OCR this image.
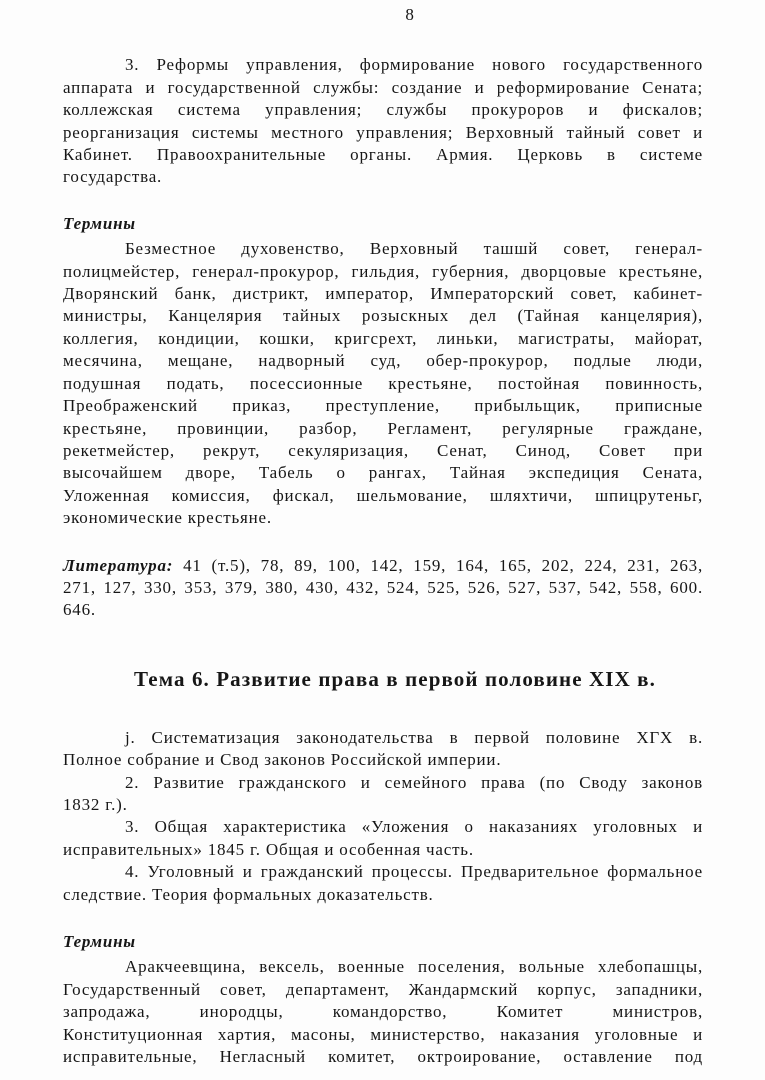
8
3. Реформы управления, формирование нового государственного
аппарата и государственной службы: создание и реформирование Сената;
коллежская система управления; службы прокуроров и фискалов;
реорганизация системы местного управления; Верховный тайный совет и
Кабинет. Правоохранительные органы. Армия. Церковь в системе
государства.
Термины
Безместное духовенство, Верховный ташшй совет, генерал-
полицмейстер, генерал-прокурор, гильдия, губерния, дворцовые крестьяне,
Дворянский банк, дистрикт, император, Императорский совет, кабинет-
министры, Канцелярия тайных розыскных дел (Тайная канцелярия),
коллегия, кондиции, кошки, кригсрехт, линьки, магистраты, майорат,
месячина, мещане, надворный суд, обер-прокурор, подлые люди,
подушная подать, посессионные крестьяне, постойная повинность,
Преображенский приказ, преступление, прибыльщик, приписные
крестьяне, провинции, разбор, Регламент, регулярные граждане,
рекетмейстер, рекрут, секуляризация, Сенат, Синод, Совет при
высочайшем дворе, Табель о рангах, Тайная экспедиция Сената,
Уложенная комиссия, фискал, шельмование, шляхтичи, шпицрутеньг,
экономические крестьяне.
Литература: 41 (т.5), 78, 89, 100, 142, 159, 164, 165, 202, 224, 231, 263,
271, 127, 330, 353, 379, 380, 430, 432, 524, 525, 526, 527, 537, 542, 558, 600.
646.
Тема 6. Развитие права в первой половине XIX в.
j. Систематизация законодательства в первой половине ХГХ в.
Полное собрание и Свод законов Российской империи.
2. Развитие гражданского и семейного права (по Своду законов
1832 г.).
3. Общая характеристика «Уложения о наказаниях уголовных и
исправительных» 1845 г. Общая и особенная часть.
4. Уголовный и гражданский процессы. Предварительное формальное
следствие. Теория формальных доказательств.
Термины
Аракчеевщина, вексель, военные поселения, вольные хлебопашцы,
Государственный совет, департамент, Жандармский корпус, западники,
запродажа, инородцы, командорство, Комитет министров,
Конституционная хартия, масоны, министерство, наказания уголовные и
исправительные, Негласный комитет, октроирование, оставление под
